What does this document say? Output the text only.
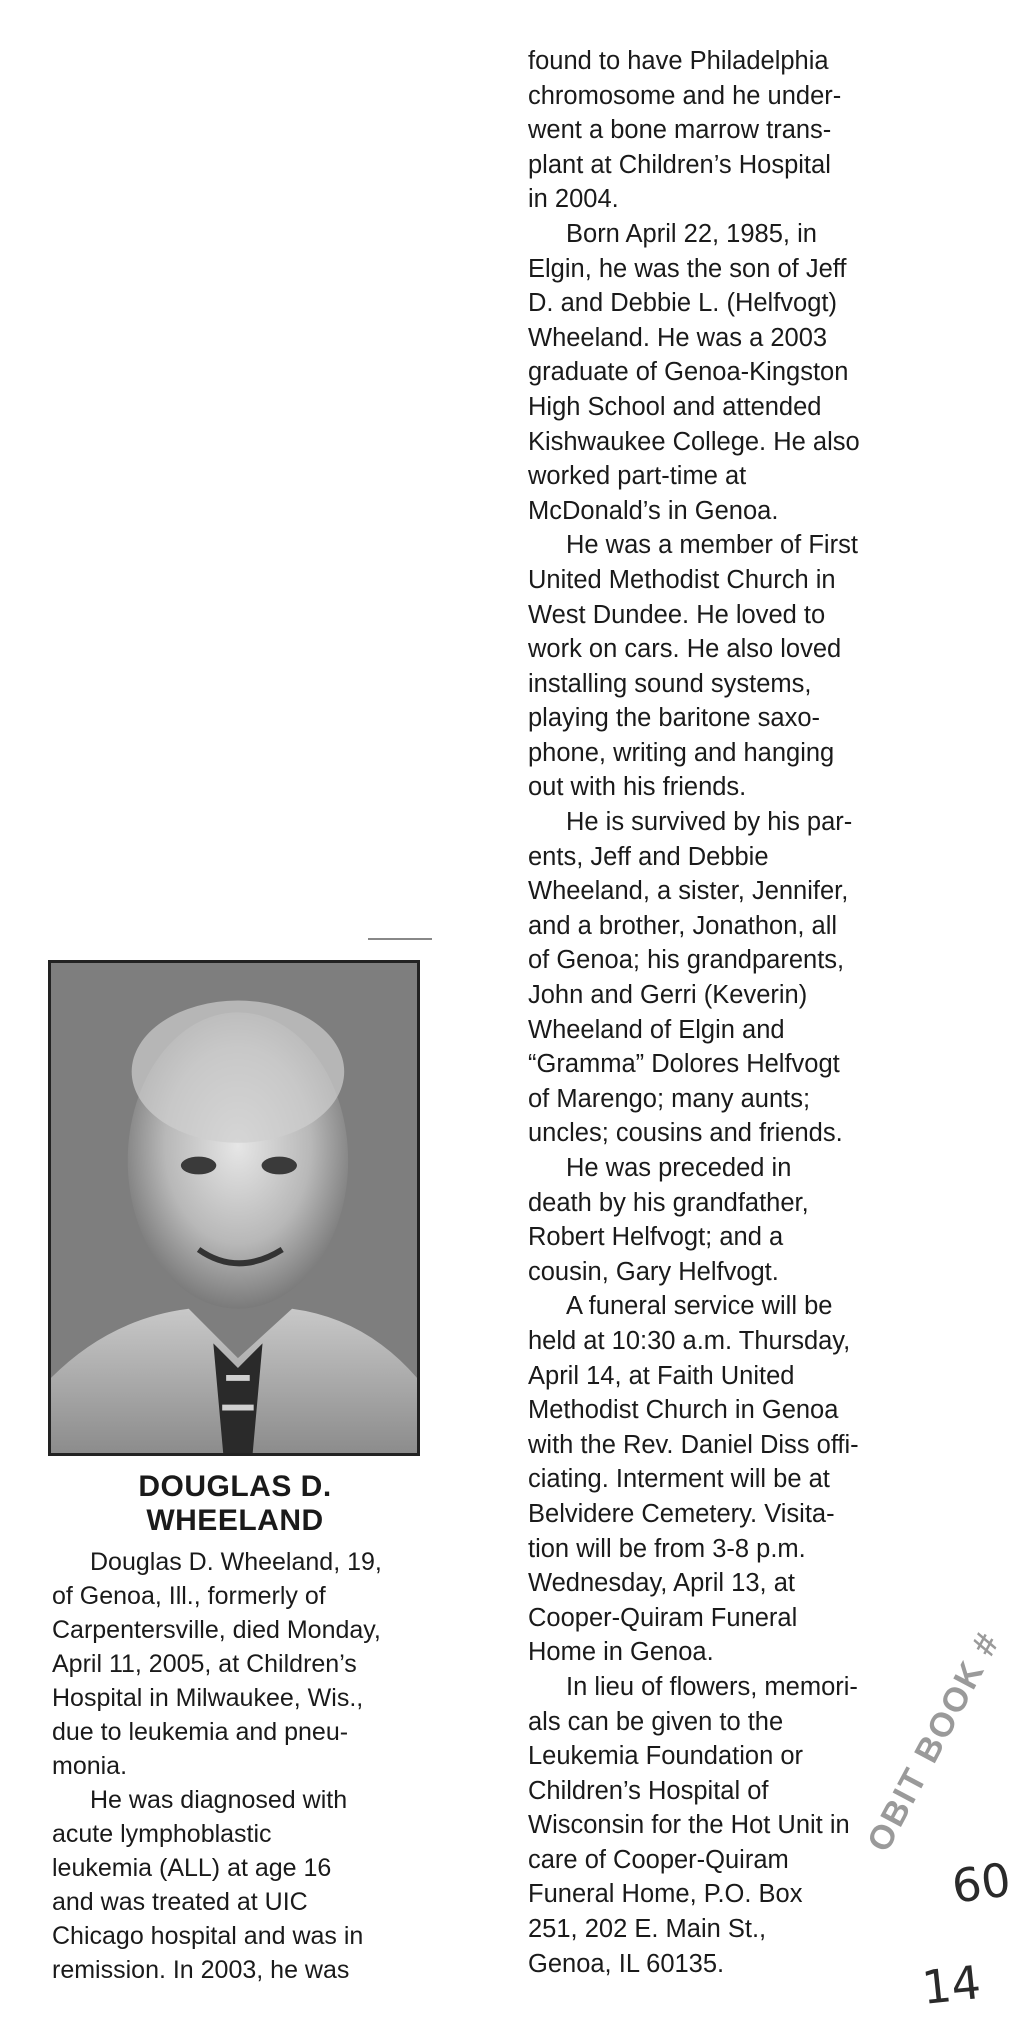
found to have Philadelphia
chromosome and he under-
went a bone marrow trans-
plant at Children’s Hospital
in 2004.

Born April 22, 1985, in
Elgin, he was the son of Jeff
D. and Debbie L. (Helfvogt)
Wheeland. He was a 2003
graduate of Genoa-Kingston
High School and attended
Kishwaukee College. He also
worked part-time at
McDonald’s in Genoa.

He was a member of First
United Methodist Church in
West Dundee. He loved to
work on cars. He also loved
installing sound systems,
playing the baritone saxo-
phone, writing and hanging
out with his friends.

He is survived by his par-
ents, Jeff and Debbie
Wheeland, a sister, Jennifer,
and a brother, Jonathon, all
of Genoa; his grandparents,
John and Gerri (Keverin)
Wheeland of Elgin and
“Gramma” Dolores Helfvogt
of Marengo; many aunts;
uncles; cousins and friends.

He was preceded in
death by his grandfather,
Robert Helfvogt; and a
cousin, Gary Helfvogt.

A funeral service will be
held at 10:30 a.m. Thursday,
April 14, at Faith United
Methodist Church in Genoa
with the Rev. Daniel Diss offi-
ciating. Interment will be at
Belvidere Cemetery. Visita-
tion will be from 3-8 p.m.
Wednesday, April 13, at
Cooper-Quiram Funeral
Home in Genoa.

In lieu of flowers, memori-
als can be given to the
Leukemia Foundation or
Children’s Hospital of
Wisconsin for the Hot Unit in
care of Cooper-Quiram
Funeral Home, P.O. Box
251, 202 E. Main St.,
Genoa, IL 60135.

DOUGLAS D.
WHEELAND

Douglas D. Wheeland, 19,
of Genoa, Ill., formerly of
Carpentersville, died Monday,
April 11, 2005, at Children’s
Hospital in Milwaukee, Wis.,
due to leukemia and pneu-
monia.

He was diagnosed with
acute lymphoblastic
leukemia (ALL) at age 16
and was treated at UIC
Chicago hospital and was in
remission. In 2003, he was

OBIT BOOK #
60
14
